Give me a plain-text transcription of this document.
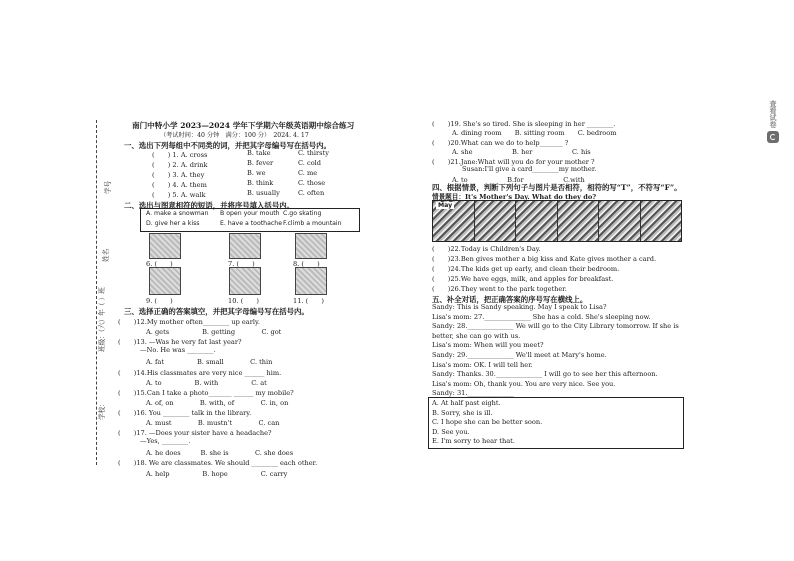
查看试卷
学号
姓名
班级：（六）年（ ）班
学校：
南门中特小学 2023—2024 学年下学期六年级英语期中综合练习
（考试时间：40 分钟　满分：100 分）　2024. 4. 17
一、选出下列每组中不同类的词，并把其字母编号写在括号内。
(　　) 1. A. cross	B. take	C. thirsty
(　　) 2. A. drink	B. fever	C. cold
(　　) 3. A. they	B. we	C. me
(　　) 4. A. them	B. think	C. those
(　　) 5. A. walk	B. usually	C. often
二、选出与图意相符的短语，并将序号填入括号内。
A. make a snowman B open your mouth C.go skating
D. give her a kiss	E. have a toothache F.climb a mountain
6. (　　)	7. (　　)	8. (　　)
9. (　　)	10. (　　)	11. (　　)
三、选择正确的答案填空，并把其字母编号写在括号内。
(　　)12.My mother often________ up early.
A. gets　　　　　B. getting　　　　C. got
(　　)13. —Was he very fat last year?
—No. He was ________.
A. fat　　　　　B. small　　　　C. thin
(　　)14.His classmates are very nice ______ him.
A. to　　　　　B. with　　　　　C. at
(　　)15.Can I take a photo_______ ______ my mobile?
A. of, on　　　　B. with, of　　　　C. in, on
(　　)16. You ________ talk in the library.
A. must　　　　B. mustn't　　　　C. can
(　　)17. —Does your sister have a headache?
—Yes, ________.
A. he does　　　B. she is　　　　C. she does
(　　)18. We are classmates. We should ________ each other.
A. help　　　　　B. hope　　　　　C. carry
(　　)19. She's so tired. She is sleeping in her ________.
A. dining room　　B. sitting room　　C. bedroom
(　　)20.What can we do to help_______ ?
A. she　　　　　　B. her　　　　　　C. his
(　　)21.Jane:What will you do for your mother ?
Susan:I'll give a card________my mother.
A. to　　　　　　B.for　　　　　　C.with
四、根据情景，判断下列句子与图片是否相符，相符的写“T”，不符写“F”。
情景题目：It's Mother's Day. What do they do?
May
(　　)22.Today is Children's Day.
(　　)23.Ben gives mother a big kiss and Kate gives mother a card.
(　　)24.The kids get up early, and clean their bedroom.
(　　)25.We have eggs, milk, and apples for breakfast.
(　　)26.They went to the park together.
五、补全对话，把正确答案的序号写在横线上。
Sandy: This is Sandy speaking. May I speak to Lisa?
Lisa's mom: 27.______________ She has a cold. She's sleeping now.
Sandy: 28.______________ We will go to the City Library tomorrow. If she is
better, she can go with us.
Lisa's mom: When will you meet?
Sandy: 29.______________ We'll meet at Mary's home.
Lisa's mom: OK. I will tell her.
Sandy: Thanks. 30.______________ I will go to see her this afternoon.
Lisa's mom: Oh, thank you. You are very nice. See you.
Sandy: 31.______________
A. At half past eight.
B. Sorry, she is ill.
C. I hope she can be better soon.
D. See you.
E. I'm sorry to hear that.
